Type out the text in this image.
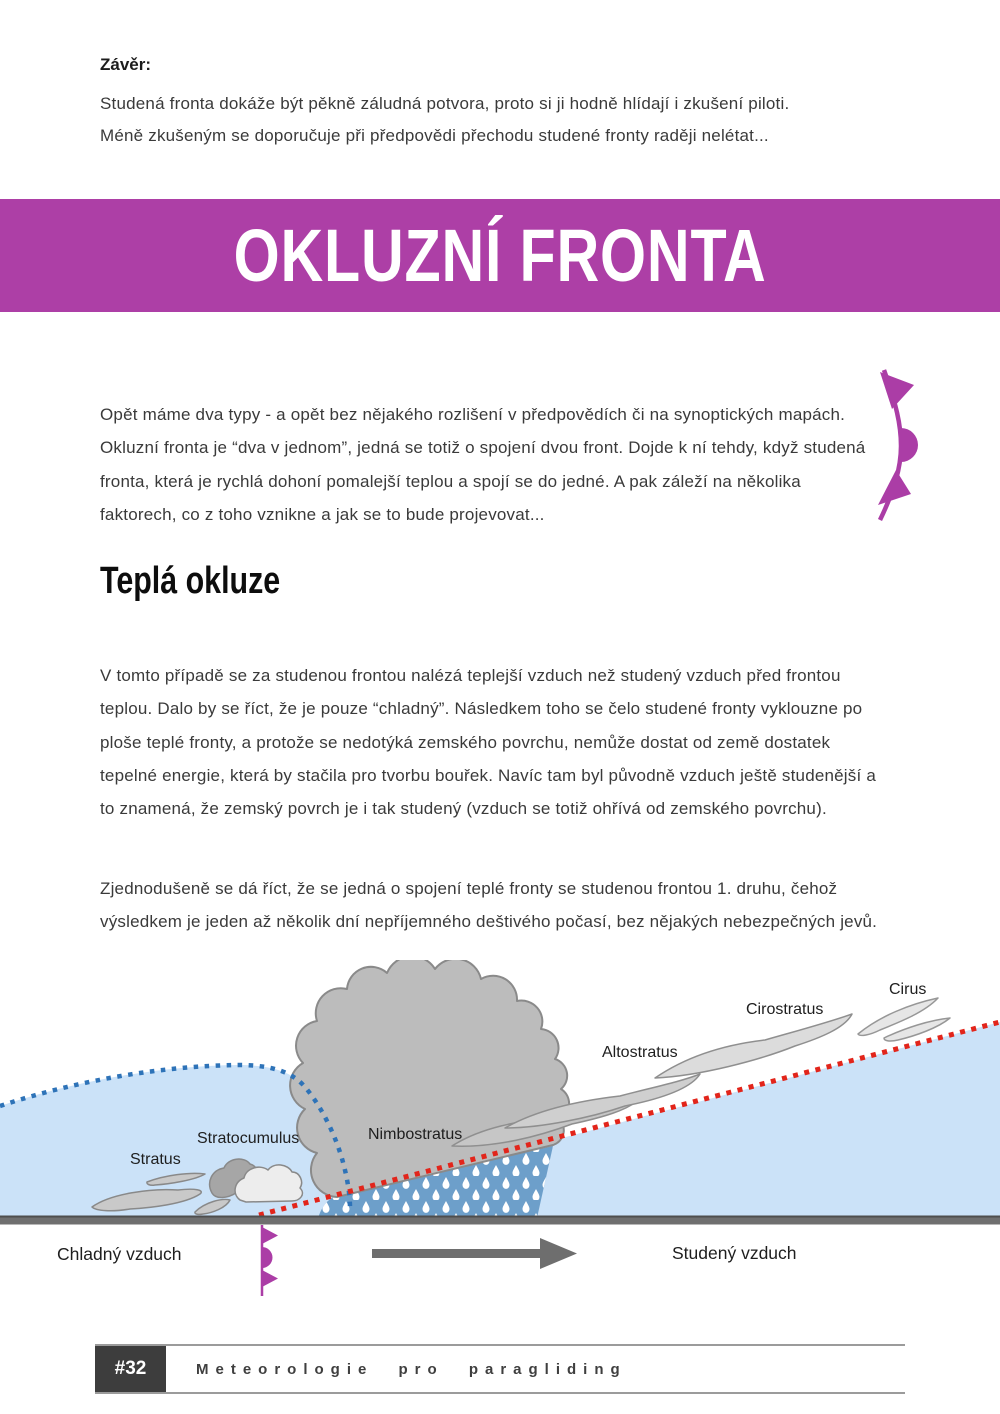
Závěr:
Studená fronta dokáže být pěkně záludná potvora, proto si ji hodně hlídají i zkušení piloti.
Méně zkušeným se doporučuje při předpovědi přechodu studené fronty raději nelétat...
OKLUZNÍ FRONTA

Opět máme dva typy - a opět bez nějakého rozlišení v předpovědích či na synoptických mapách. Okluzní fronta je “dva v jednom”, jedná se totiž o spojení dvou front. Dojde k ní tehdy, když studená fronta, která je rychlá dohoní pomalejší teplou a spojí se do jedné. A pak záleží na několika faktorech, co z toho vznikne a jak se to bude projevovat...

Teplá okluze

V tomto případě se za studenou frontou nalézá teplejší vzduch než studený vzduch před frontou teplou. Dalo by se říct, že je pouze “chladný”. Následkem toho se čelo studené fronty vyklouzne po ploše teplé fronty, a protože se nedotýká zemského povrchu, nemůže dostat od země dostatek tepelné energie, která by stačila pro tvorbu bouřek. Navíc tam byl původně vzduch ještě studenější a to znamená, že zemský povrch je i tak studený (vzduch se totiž ohřívá od zemského povrchu).

Zjednodušeně se dá říct, že se jedná o spojení teplé fronty se studenou frontou 1. druhu, čehož výsledkem je jeden až několik dní nepříjemného deštivého počasí, bez nějakých nebezpečných jevů.

Stratus
Stratocumulus	Nimbostratus
Altostratus
Cirostratus
Cirus
Chladný vzduch	Studený vzduch
#32	Meteorologie pro paragliding
